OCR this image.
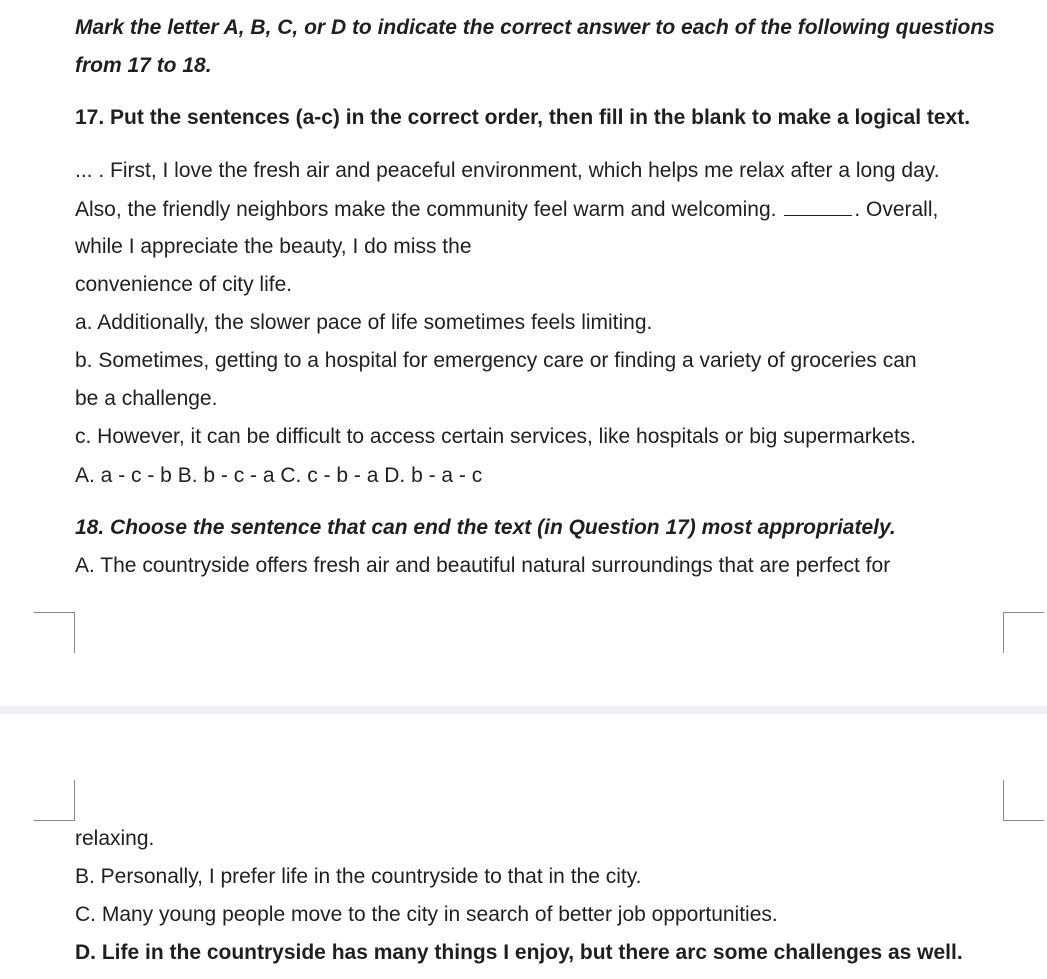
Mark the letter A, B, C, or D to indicate the correct answer to each of the following questions
from 17 to 18.
17. Put the sentences (a-c) in the correct order, then fill in the blank to make a logical text.
... . First, I love the fresh air and peaceful environment, which helps me relax after a long day.
Also, the friendly neighbors make the community feel warm and welcoming.	. Overall,
while I appreciate the beauty, I do miss the
convenience of city life.
a. Additionally, the slower pace of life sometimes feels limiting.
b. Sometimes, getting to a hospital for emergency care or finding a variety of groceries can
be a challenge.
c. However, it can be difficult to access certain services, like hospitals or big supermarkets.
A. a - c - b B. b - c - a C. c - b - a D. b - a - c
18. Choose the sentence that can end the text (in Question 17) most appropriately.
A. The countryside offers fresh air and beautiful natural surroundings that are perfect for
relaxing.
B. Personally, I prefer life in the countryside to that in the city.
C. Many young people move to the city in search of better job opportunities.
D. Life in the countryside has many things I enjoy, but there arc some challenges as well.
